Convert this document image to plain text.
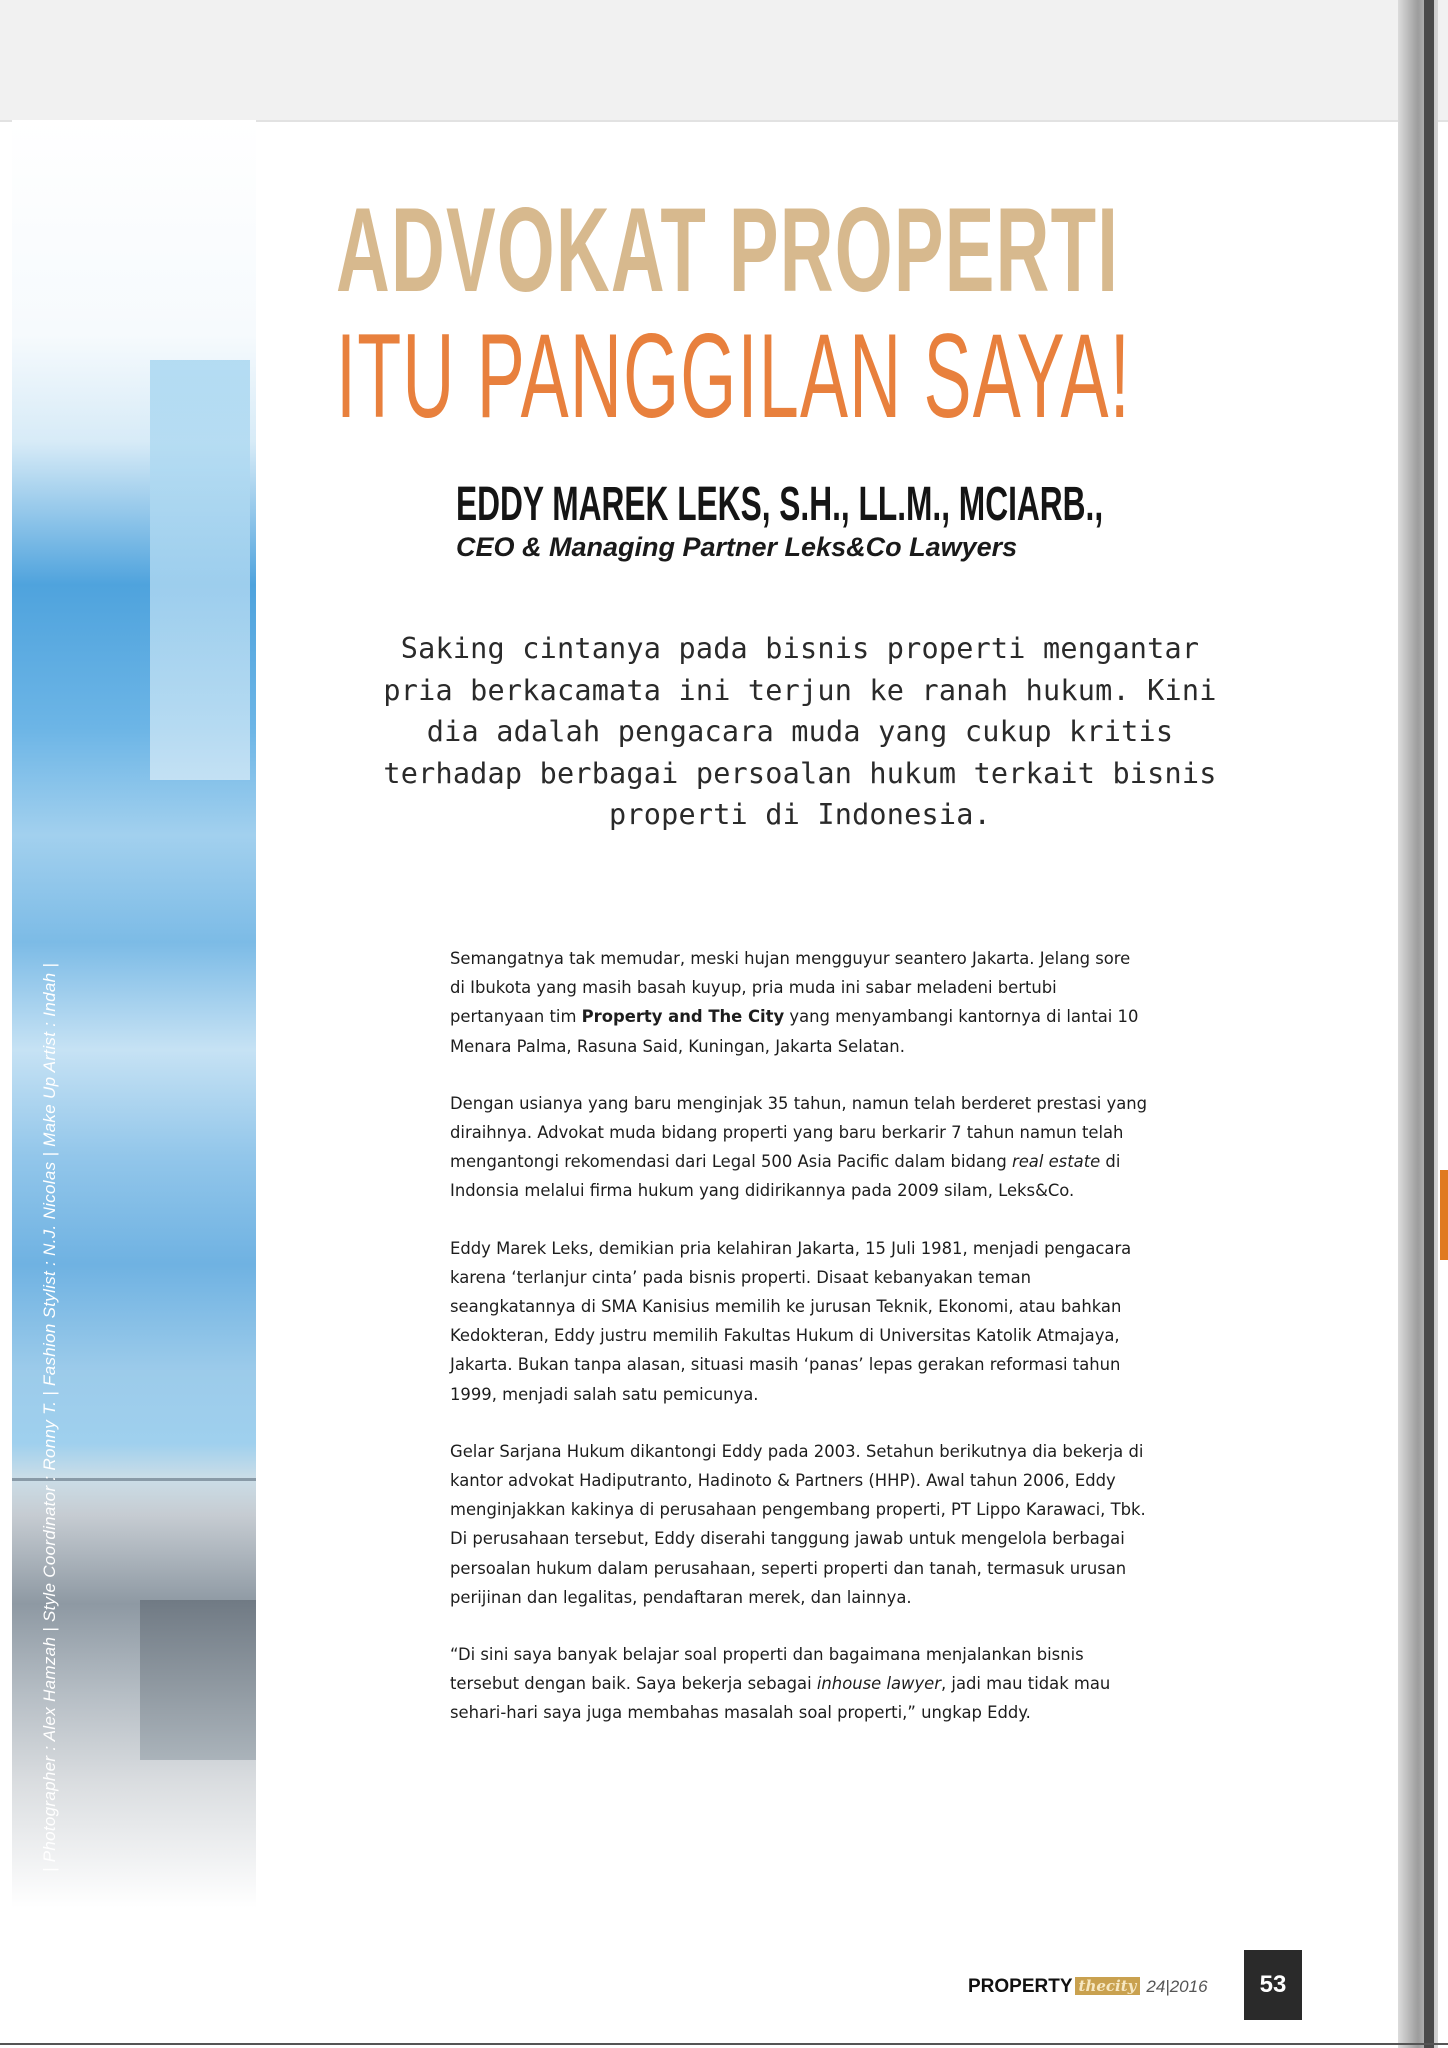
| Photographer : Alex Hamzah | Style Coordinator : Ronny T. | Fashion Stylist : N.J. Nicolas | Make Up Artist : Indah |
ADVOKAT PROPERTI
ITU PANGGILAN SAYA!
EDDY MAREK LEKS, S.H., LL.M., MCIARB.,
CEO & Managing Partner Leks&Co Lawyers
Saking cintanya pada bisnis properti mengantar pria berkacamata ini terjun ke ranah hukum. Kini dia adalah pengacara muda yang cukup kritis terhadap berbagai persoalan hukum terkait bisnis properti di Indonesia.

Semangatnya tak memudar, meski hujan mengguyur seantero Jakarta. Jelang sore di Ibukota yang masih basah kuyup, pria muda ini sabar meladeni bertubi pertanyaan tim Property and The City yang menyambangi kantornya di lantai 10 Menara Palma, Rasuna Said, Kuningan, Jakarta Selatan.

Dengan usianya yang baru menginjak 35 tahun, namun telah berderet prestasi yang diraihnya. Advokat muda bidang properti yang baru berkarir 7 tahun namun telah mengantongi rekomendasi dari Legal 500 Asia Pacific dalam bidang real estate di Indonsia melalui firma hukum yang didirikannya pada 2009 silam, Leks&Co.

Eddy Marek Leks, demikian pria kelahiran Jakarta, 15 Juli 1981, menjadi pengacara karena ‘terlanjur cinta’ pada bisnis properti. Disaat kebanyakan teman seangkatannya di SMA Kanisius memilih ke jurusan Teknik, Ekonomi, atau bahkan Kedokteran, Eddy justru memilih Fakultas Hukum di Universitas Katolik Atmajaya, Jakarta. Bukan tanpa alasan, situasi masih ‘panas’ lepas gerakan reformasi tahun 1999, menjadi salah satu pemicunya.

Gelar Sarjana Hukum dikantongi Eddy pada 2003. Setahun berikutnya dia bekerja di kantor advokat Hadiputranto, Hadinoto & Partners (HHP). Awal tahun 2006, Eddy menginjakkan kakinya di perusahaan pengembang properti, PT Lippo Karawaci, Tbk. Di perusahaan tersebut, Eddy diserahi tanggung jawab untuk mengelola berbagai persoalan hukum dalam perusahaan, seperti properti dan tanah, termasuk urusan perijinan dan legalitas, pendaftaran merek, dan lainnya.

“Di sini saya banyak belajar soal properti dan bagaimana menjalankan bisnis tersebut dengan baik. Saya bekerja sebagai inhouse lawyer, jadi mau tidak mau sehari-hari saya juga membahas masalah soal properti,” ungkap Eddy.

PROPERTY thecity 24|2016	53
